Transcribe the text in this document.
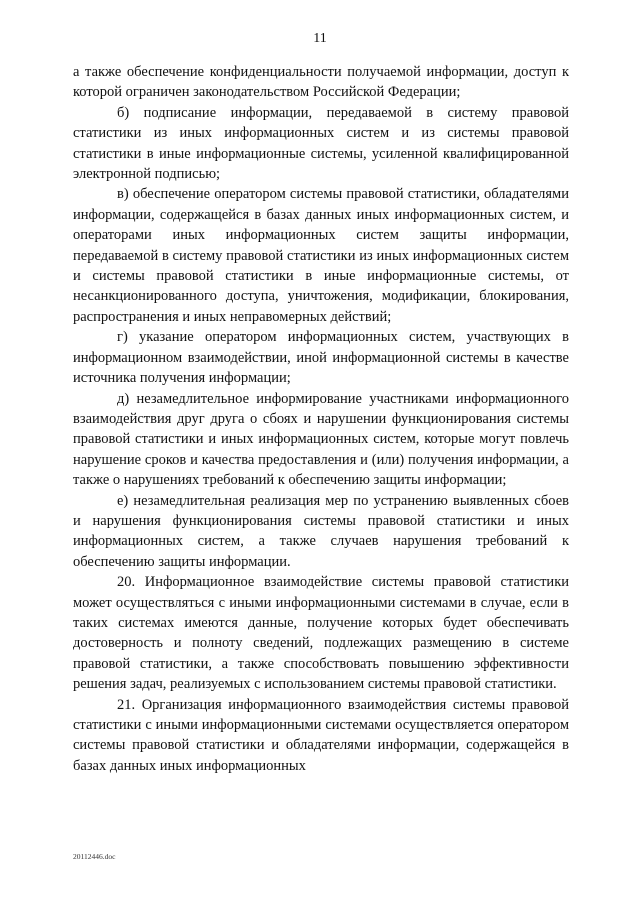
11

а также обеспечение конфиденциальности получаемой информации, доступ к которой ограничен законодательством Российской Федерации;

б) подписание информации, передаваемой в систему правовой статистики из иных информационных систем и из системы правовой статистики в иные информационные системы, усиленной квалифицированной электронной подписью;

в) обеспечение оператором системы правовой статистики, обладателями информации, содержащейся в базах данных иных информационных систем, и операторами иных информационных систем защиты информации, передаваемой в систему правовой статистики из иных информационных систем и системы правовой статистики в иные информационные системы, от несанкционированного доступа, уничтожения, модификации, блокирования, распространения и иных неправомерных действий;

г) указание оператором информационных систем, участвующих в информационном взаимодействии, иной информационной системы в качестве источника получения информации;

д) незамедлительное информирование участниками информационного взаимодействия друг друга о сбоях и нарушении функционирования системы правовой статистики и иных информационных систем, которые могут повлечь нарушение сроков и качества предоставления и (или) получения информации, а также о нарушениях требований к обеспечению защиты информации;

е) незамедлительная реализация мер по устранению выявленных сбоев и нарушения функционирования системы правовой статистики и иных информационных систем, а также случаев нарушения требований к обеспечению защиты информации.

20. Информационное взаимодействие системы правовой статистики может осуществляться с иными информационными системами в случае, если в таких системах имеются данные, получение которых будет обеспечивать достоверность и полноту сведений, подлежащих размещению в системе правовой статистики, а также способствовать повышению эффективности решения задач, реализуемых с использованием системы правовой статистики.

21. Организация информационного взаимодействия системы правовой статистики с иными информационными системами осуществляется оператором системы правовой статистики и обладателями информации, содержащейся в базах данных иных информационных

20112446.doc
